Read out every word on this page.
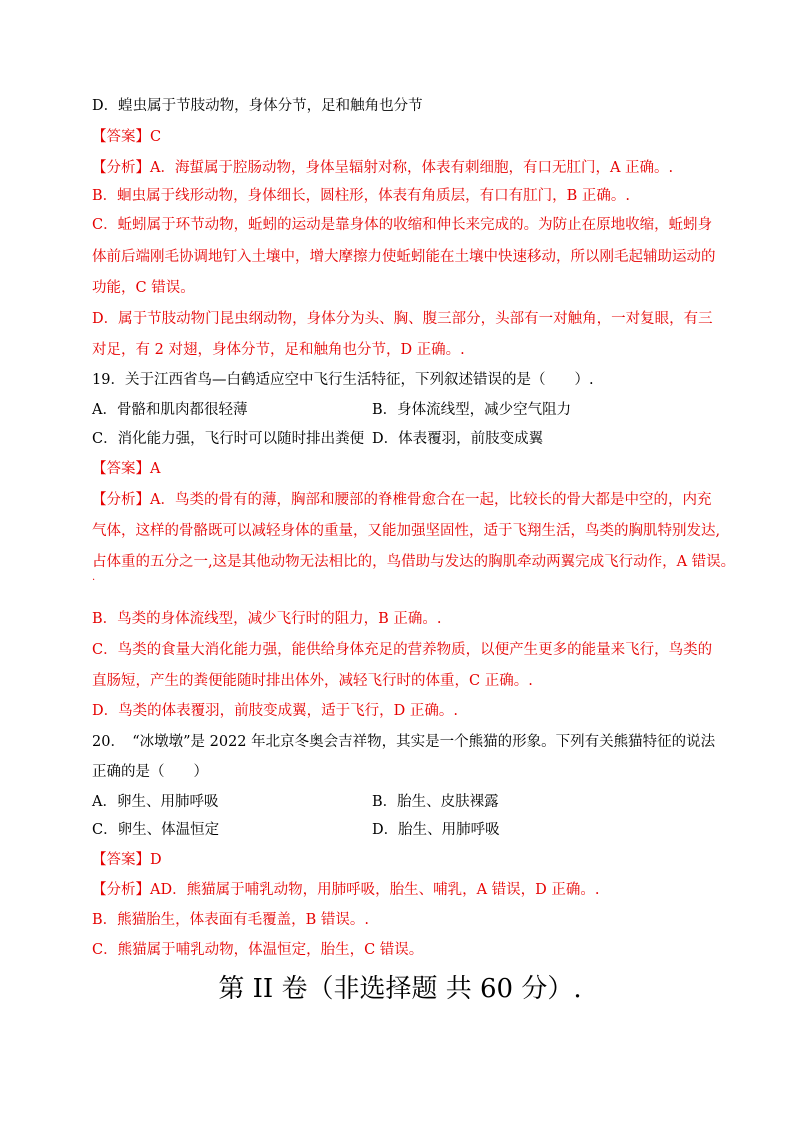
D．蝗虫属于节肢动物，身体分节，足和触角也分节
【答案】C
【分析】A．海蜇属于腔肠动物，身体呈辐射对称，体表有刺细胞，有口无肛门，A 正确。.
B．蛔虫属于线形动物，身体细长，圆柱形，体表有角质层，有口有肛门，B 正确。.
C．蚯蚓属于环节动物，蚯蚓的运动是靠身体的收缩和伸长来完成的。为防止在原地收缩，蚯蚓身
体前后端刚毛协调地钉入土壤中，增大摩擦力使蚯蚓能在土壤中快速移动，所以刚毛起辅助运动的
功能，C 错误。
D．属于节肢动物门昆虫纲动物，身体分为头、胸、腹三部分，头部有一对触角，一对复眼，有三
对足，有 2 对翅，身体分节，足和触角也分节，D 正确。.
19．关于江西省鸟—白鹤适应空中飞行生活特征，下列叙述错误的是（　　）.
A．骨骼和肌肉都很轻薄	B．身体流线型，减少空气阻力
C．消化能力强，飞行时可以随时排出粪便 D．体表覆羽，前肢变成翼
【答案】A
【分析】A．鸟类的骨有的薄，胸部和腰部的脊椎骨愈合在一起，比较长的骨大都是中空的，内充
气体，这样的骨骼既可以减轻身体的重量，又能加强坚固性，适于飞翔生活，鸟类的胸肌特别发达,
占体重的五分之一,这是其他动物无法相比的，鸟借助与发达的胸肌牵动两翼完成飞行动作，A 错误。
.
B．鸟类的身体流线型，减少飞行时的阻力，B 正确。.
C．鸟类的食量大消化能力强，能供给身体充足的营养物质，以便产生更多的能量来飞行，鸟类的
直肠短，产生的粪便能随时排出体外，减轻飞行时的体重，C 正确。.
D．鸟类的体表覆羽，前肢变成翼，适于飞行，D 正确。.
20．　“冰墩墩”是 2022 年北京冬奥会吉祥物，其实是一个熊猫的形象。下列有关熊猫特征的说法
正确的是（　　）
A．卵生、用肺呼吸	B．胎生、皮肤裸露
C．卵生、体温恒定	D．胎生、用肺呼吸
【答案】D
【分析】AD．熊猫属于哺乳动物，用肺呼吸，胎生、哺乳，A 错误，D 正确。.
B．熊猫胎生，体表面有毛覆盖，B 错误。.
C．熊猫属于哺乳动物，体温恒定，胎生，C 错误。
第 II 卷（非选择题 共 60 分）.
